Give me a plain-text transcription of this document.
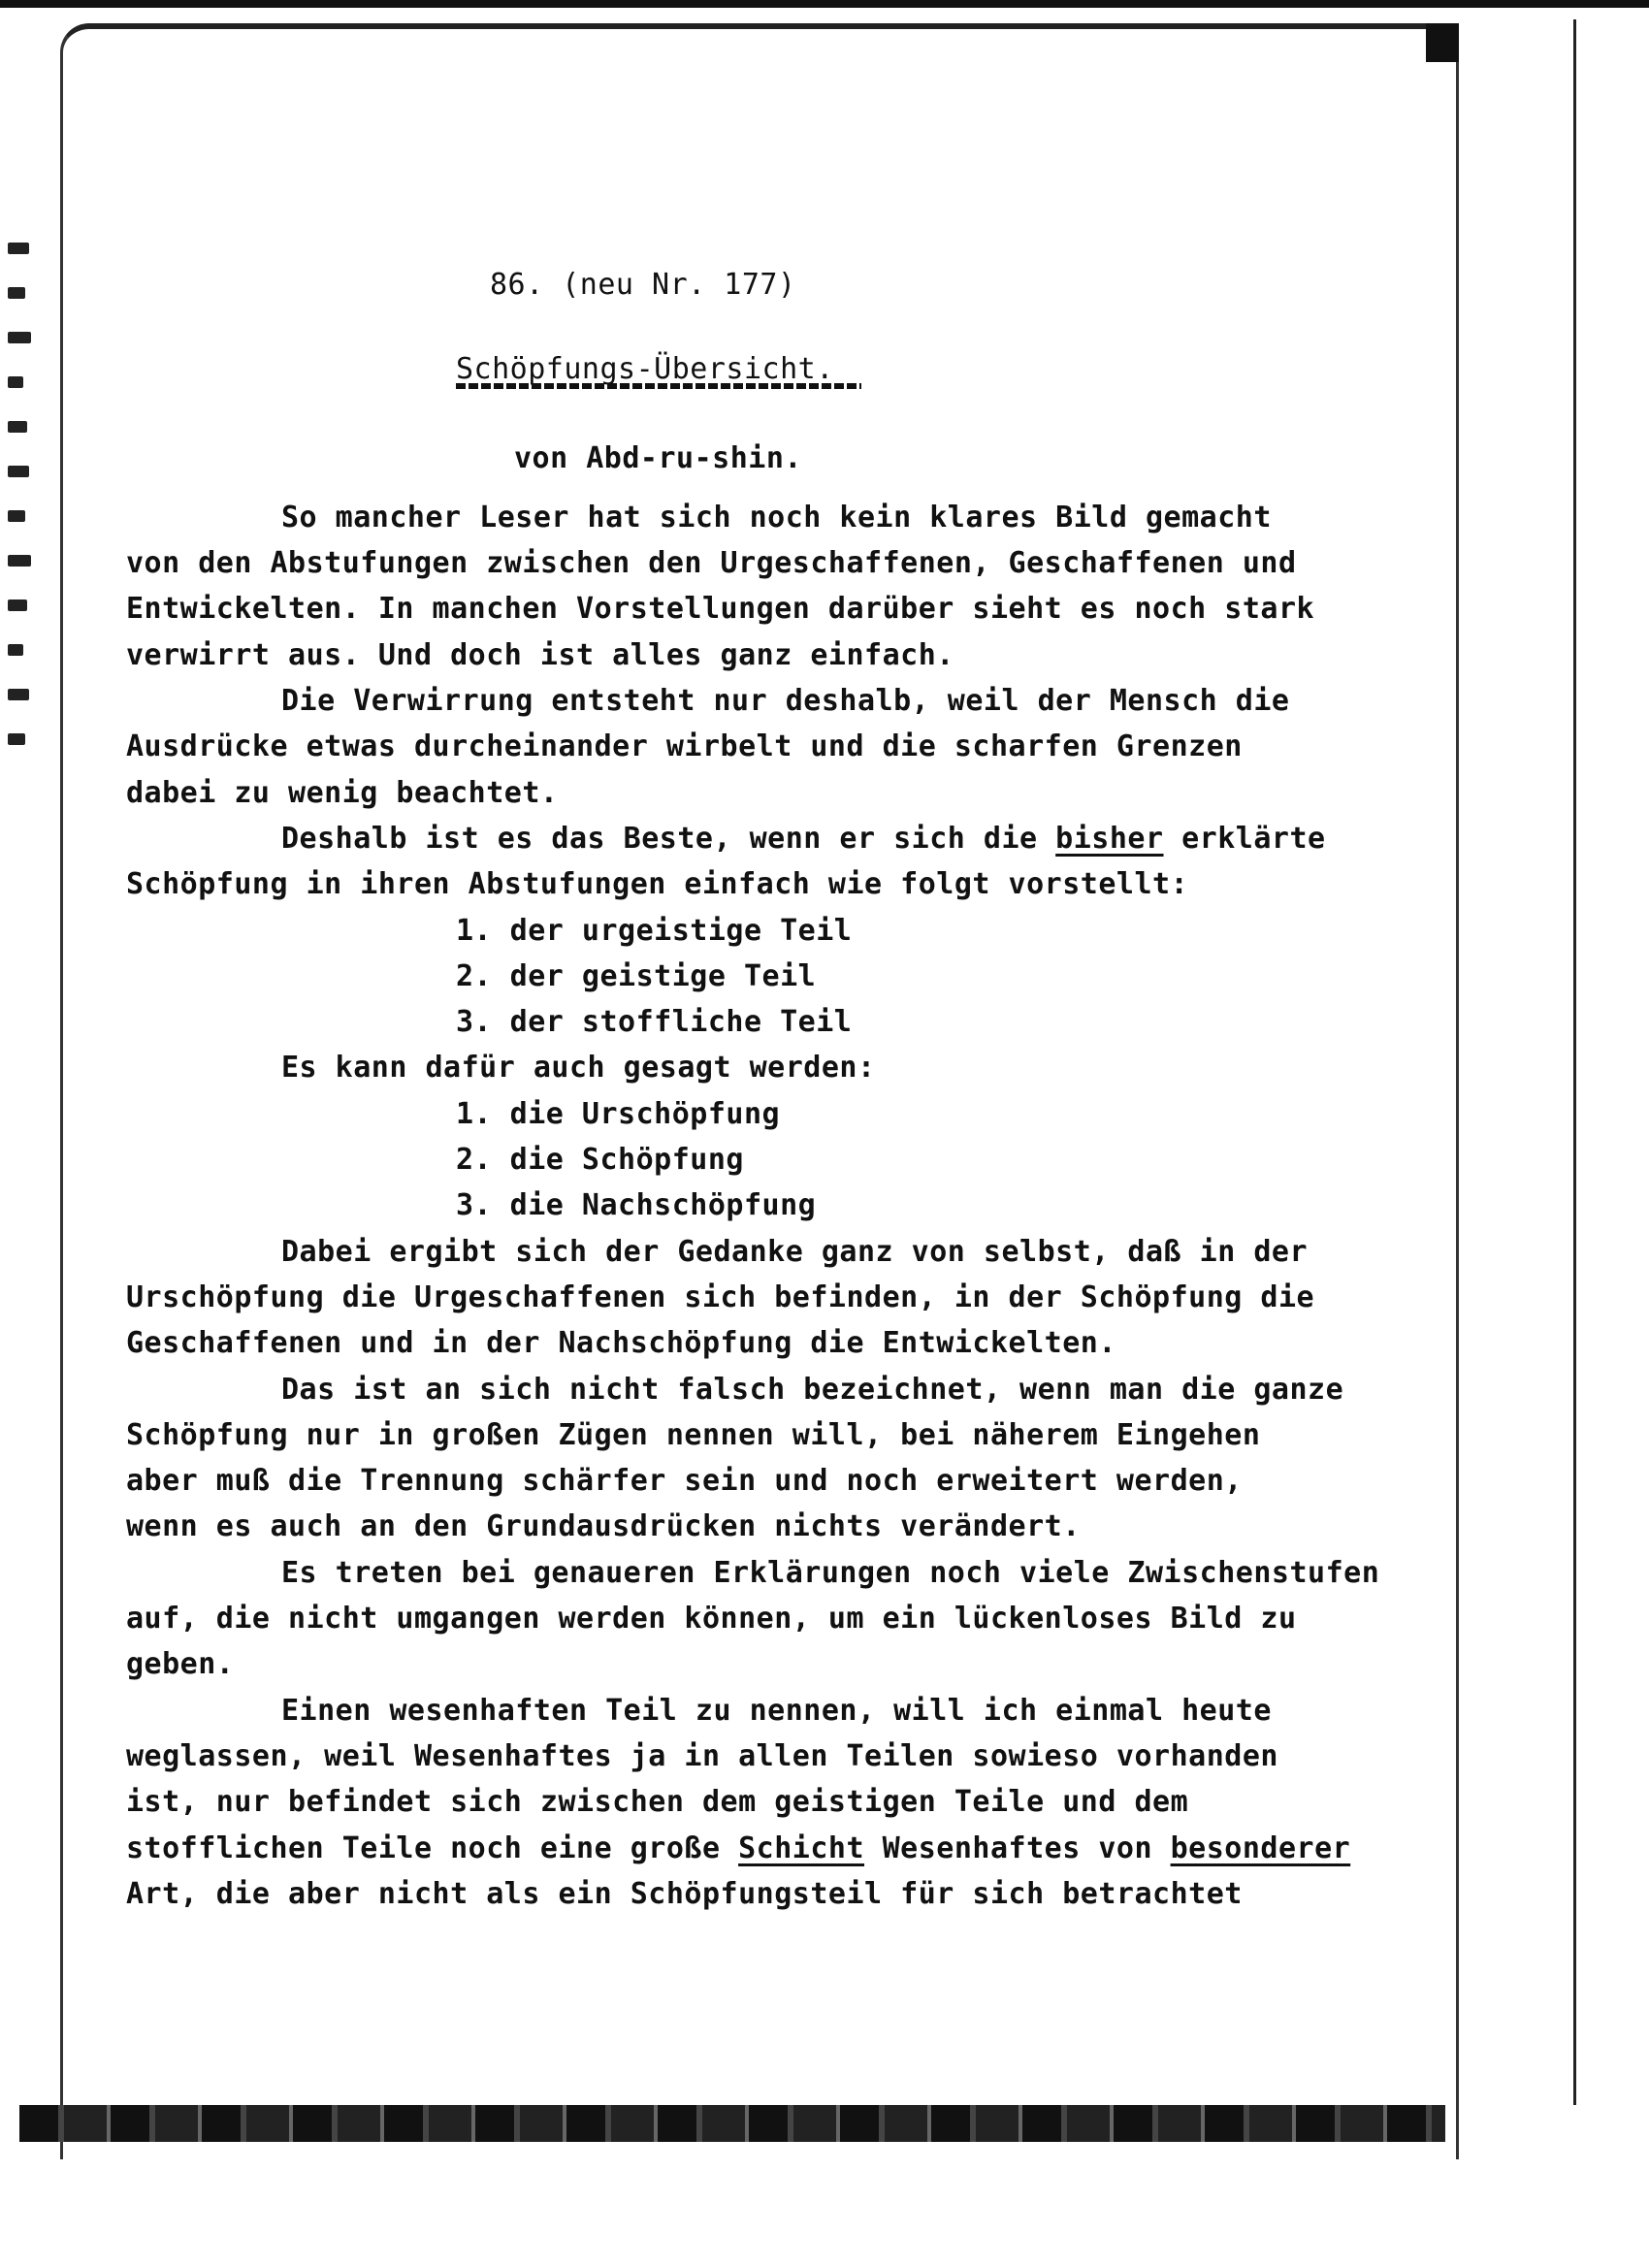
86. (neu Nr. 177)
Schöpfungs-Übersicht.
von Abd-ru-shin.
So mancher Leser hat sich noch kein klares Bild gemacht
von den Abstufungen zwischen den Urgeschaffenen, Geschaffenen und
Entwickelten. In manchen Vorstellungen darüber sieht es noch stark
verwirrt aus. Und doch ist alles ganz einfach.
Die Verwirrung entsteht nur deshalb, weil der Mensch die
Ausdrücke etwas durcheinander wirbelt und die scharfen Grenzen
dabei zu wenig beachtet.
Deshalb ist es das Beste, wenn er sich die bisher erklärte
Schöpfung in ihren Abstufungen einfach wie folgt vorstellt:
1. der urgeistige Teil
2. der geistige Teil
3. der stoffliche Teil
Es kann dafür auch gesagt werden:
1. die Urschöpfung
2. die Schöpfung
3. die Nachschöpfung
Dabei ergibt sich der Gedanke ganz von selbst, daß in der
Urschöpfung die Urgeschaffenen sich befinden, in der Schöpfung die
Geschaffenen und in der Nachschöpfung die Entwickelten.
Das ist an sich nicht falsch bezeichnet, wenn man die ganze
Schöpfung nur in großen Zügen nennen will, bei näherem Eingehen
aber muß die Trennung schärfer sein und noch erweitert werden,
wenn es auch an den Grundausdrücken nichts verändert.
Es treten bei genaueren Erklärungen noch viele Zwischenstufen
auf, die nicht umgangen werden können, um ein lückenloses Bild zu
geben.
Einen wesenhaften Teil zu nennen, will ich einmal heute
weglassen, weil Wesenhaftes ja in allen Teilen sowieso vorhanden
ist, nur befindet sich zwischen dem geistigen Teile und dem
stofflichen Teile noch eine große Schicht Wesenhaftes von besonderer
Art, die aber nicht als ein Schöpfungsteil für sich betrachtet
